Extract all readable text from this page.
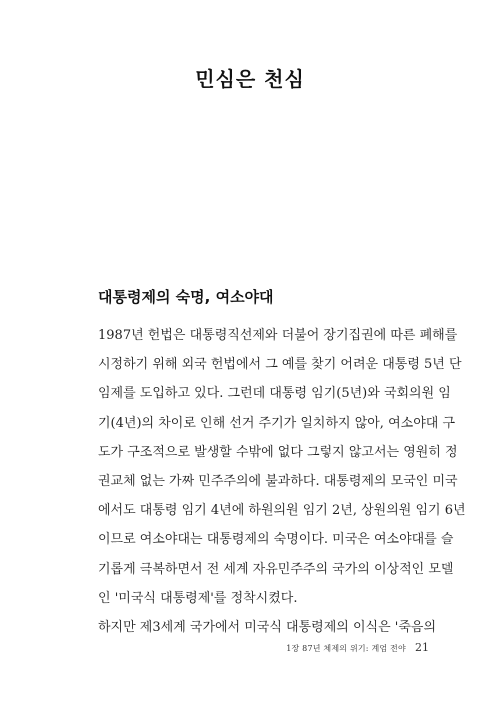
민심은 천심
대통령제의 숙명, 여소야대
1987년 헌법은 대통령직선제와 더불어 장기집권에 따른 폐해를
시정하기 위해 외국 헌법에서 그 예를 찾기 어려운 대통령 5년 단
임제를 도입하고 있다. 그런데 대통령 임기(5년)와 국회의원 임
기(4년)의 차이로 인해 선거 주기가 일치하지 않아, 여소야대 구
도가 구조적으로 발생할 수밖에 없다 그렇지 않고서는 영원히 정
권교체 없는 가짜 민주주의에 불과하다. 대통령제의 모국인 미국
에서도 대통령 임기 4년에 하원의원 임기 2년, 상원의원 임기 6년
이므로 여소야대는 대통령제의 숙명이다. 미국은 여소야대를 슬
기롭게 극복하면서 전 세계 자유민주주의 국가의 이상적인 모델
인 '미국식 대통령제'를 정착시켰다.
하지만 제3세계 국가에서 미국식 대통령제의 이식은 '죽음의
1장 87년 체제의 위기: 계엄 전야 21
